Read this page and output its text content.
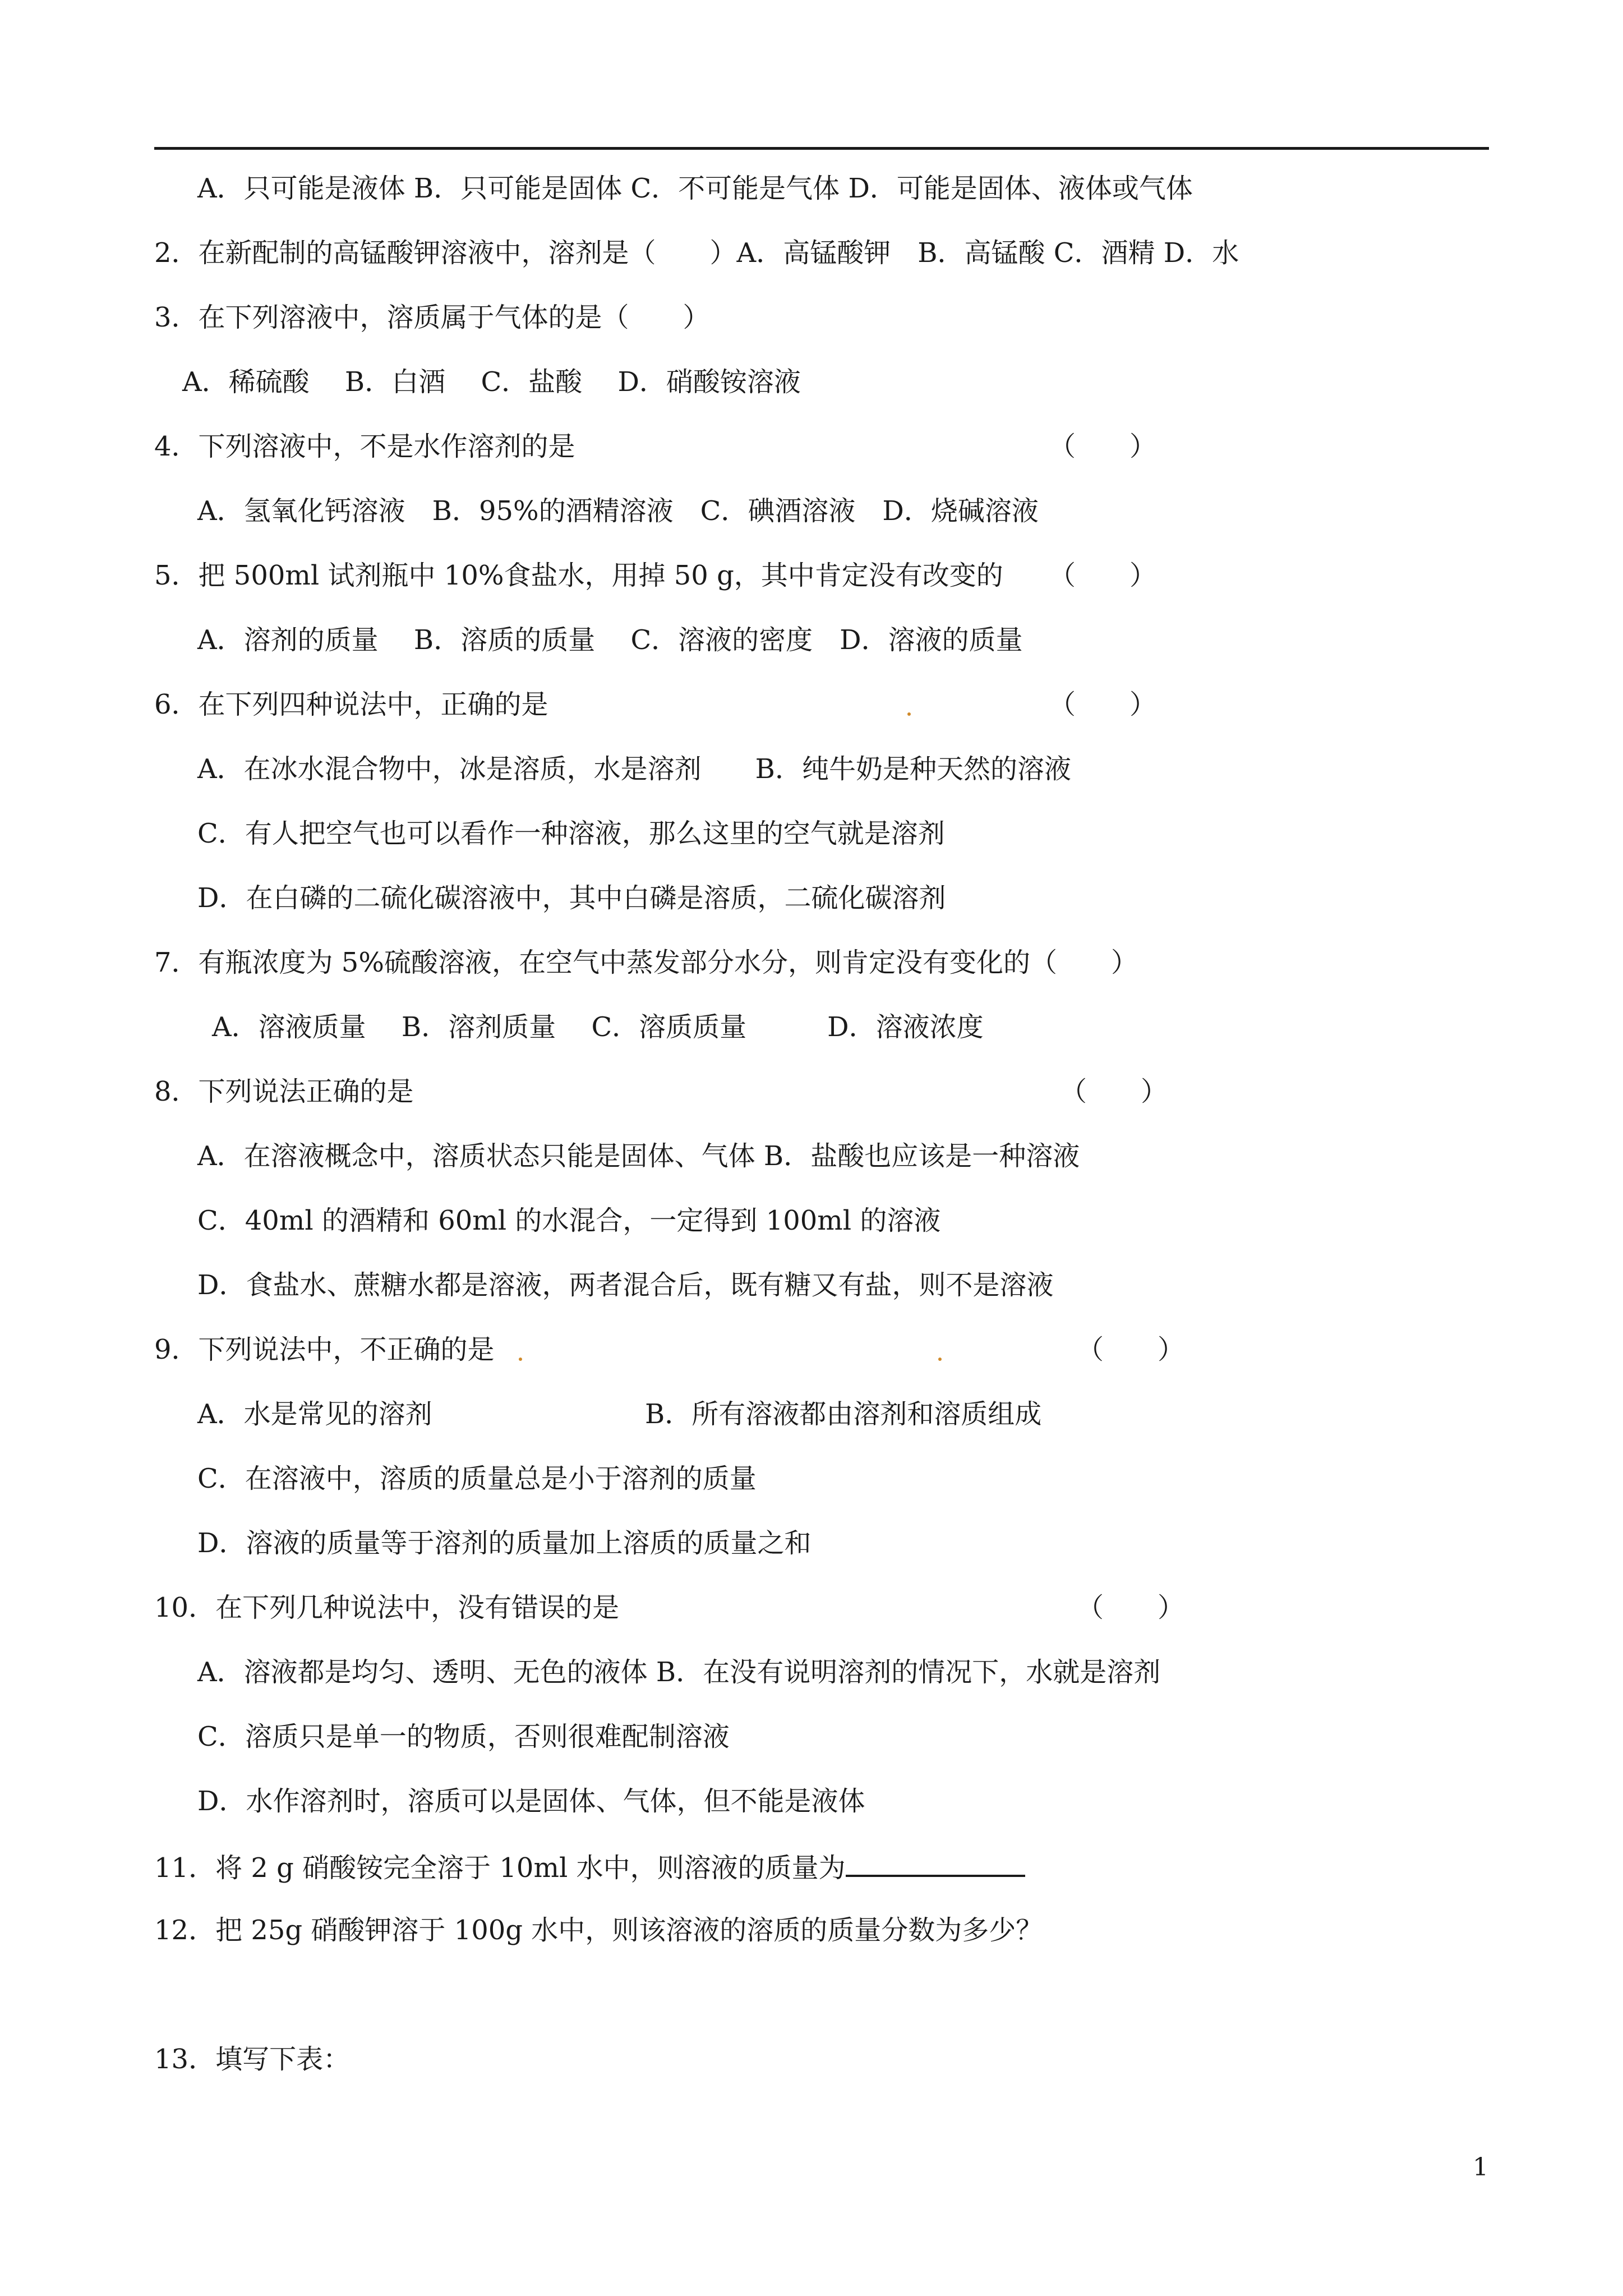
A．只可能是液体 B．只可能是固体 C．不可能是气体 D．可能是固体、液体或气体
2．在新配制的高锰酸钾溶液中，溶剂是（　　）A．高锰酸钾　B．高锰酸 C．酒精 D．水
3．在下列溶液中，溶质属于气体的是（　　）
A．稀硫酸　 B．白酒　 C．盐酸　 D．硝酸铵溶液
4．下列溶液中，不是水作溶剂的是	（　　）
A．氢氧化钙溶液　B．95%的酒精溶液　C．碘酒溶液　D．烧碱溶液
5．把 500ml 试剂瓶中 10%食盐水，用掉 50 g，其中肯定没有改变的 （　　）
A．溶剂的质量　 B．溶质的质量　 C．溶液的密度　D．溶液的质量
6．在下列四种说法中，正确的是	（　　）
A．在冰水混合物中，冰是溶质，水是溶剂　　B．纯牛奶是种天然的溶液
C．有人把空气也可以看作一种溶液，那么这里的空气就是溶剂
D．在白磷的二硫化碳溶液中，其中白磷是溶质，二硫化碳溶剂
7．有瓶浓度为 5%硫酸溶液，在空气中蒸发部分水分，则肯定没有变化的（　　）
A．溶液质量　 B．溶剂质量　 C．溶质质量　　　D．溶液浓度
8．下列说法正确的是	（　　）
A．在溶液概念中，溶质状态只能是固体、气体 B．盐酸也应该是一种溶液
C．40ml 的酒精和 60ml 的水混合，一定得到 100ml 的溶液
D．食盐水、蔗糖水都是溶液，两者混合后，既有糖又有盐，则不是溶液
9．下列说法中，不正确的是	（　　）
A．水是常见的溶剂	B．所有溶液都由溶剂和溶质组成
C．在溶液中，溶质的质量总是小于溶剂的质量
D．溶液的质量等于溶剂的质量加上溶质的质量之和
10．在下列几种说法中，没有错误的是	（　　）
A．溶液都是均匀、透明、无色的液体 B．在没有说明溶剂的情况下，水就是溶剂
C．溶质只是单一的物质，否则很难配制溶液
D．水作溶剂时，溶质可以是固体、气体，但不能是液体
11．将 2 g 硝酸铵完全溶于 10ml 水中，则溶液的质量为
12．把 25g 硝酸钾溶于 100g 水中，则该溶液的溶质的质量分数为多少？
13．填写下表：
1
